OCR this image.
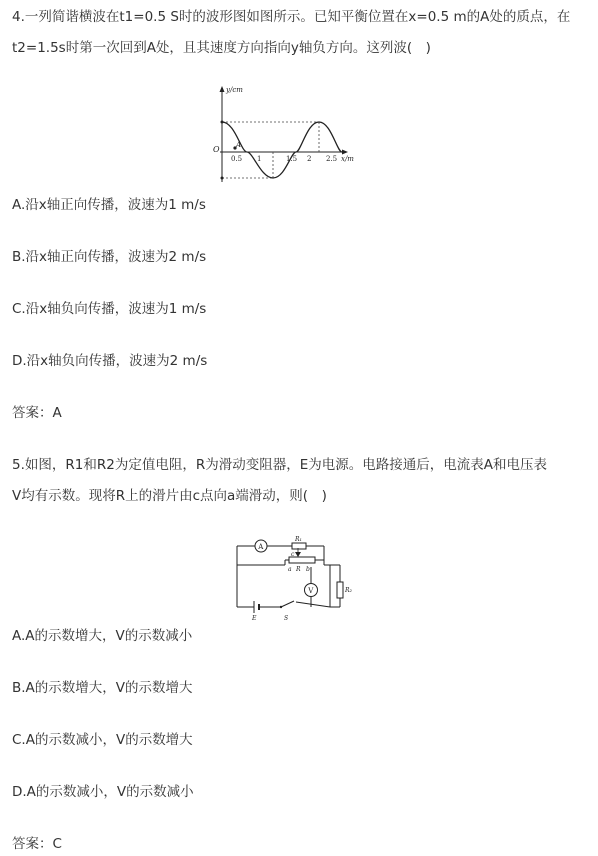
4.一列简谐横波在t1=0.5 S时的波形图如图所示。已知平衡位置在x=0.5 m的A处的质点，在
t2=1.5s时第一次回到A处，且其速度方向指向y轴负方向。这列波(　)
y/cm
O A
0.5 1	1.5 2 2.5 x/m
A.沿x轴正向传播，波速为1 m/s
B.沿x轴正向传播，波速为2 m/s
C.沿x轴负向传播，波速为1 m/s
D.沿x轴负向传播，波速为2 m/s
答案：A
5.如图，R1和R2为定值电阻，R为滑动变阻器，E为电源。电路接通后，电流表A和电压表
V均有示数。现将R上的滑片由c点向a端滑动，则(　)
A
R₁
c
a R b
V	R₂
E	S
A.A的示数增大，V的示数减小
B.A的示数增大，V的示数增大
C.A的示数减小，V的示数增大
D.A的示数减小，V的示数减小
答案：C
